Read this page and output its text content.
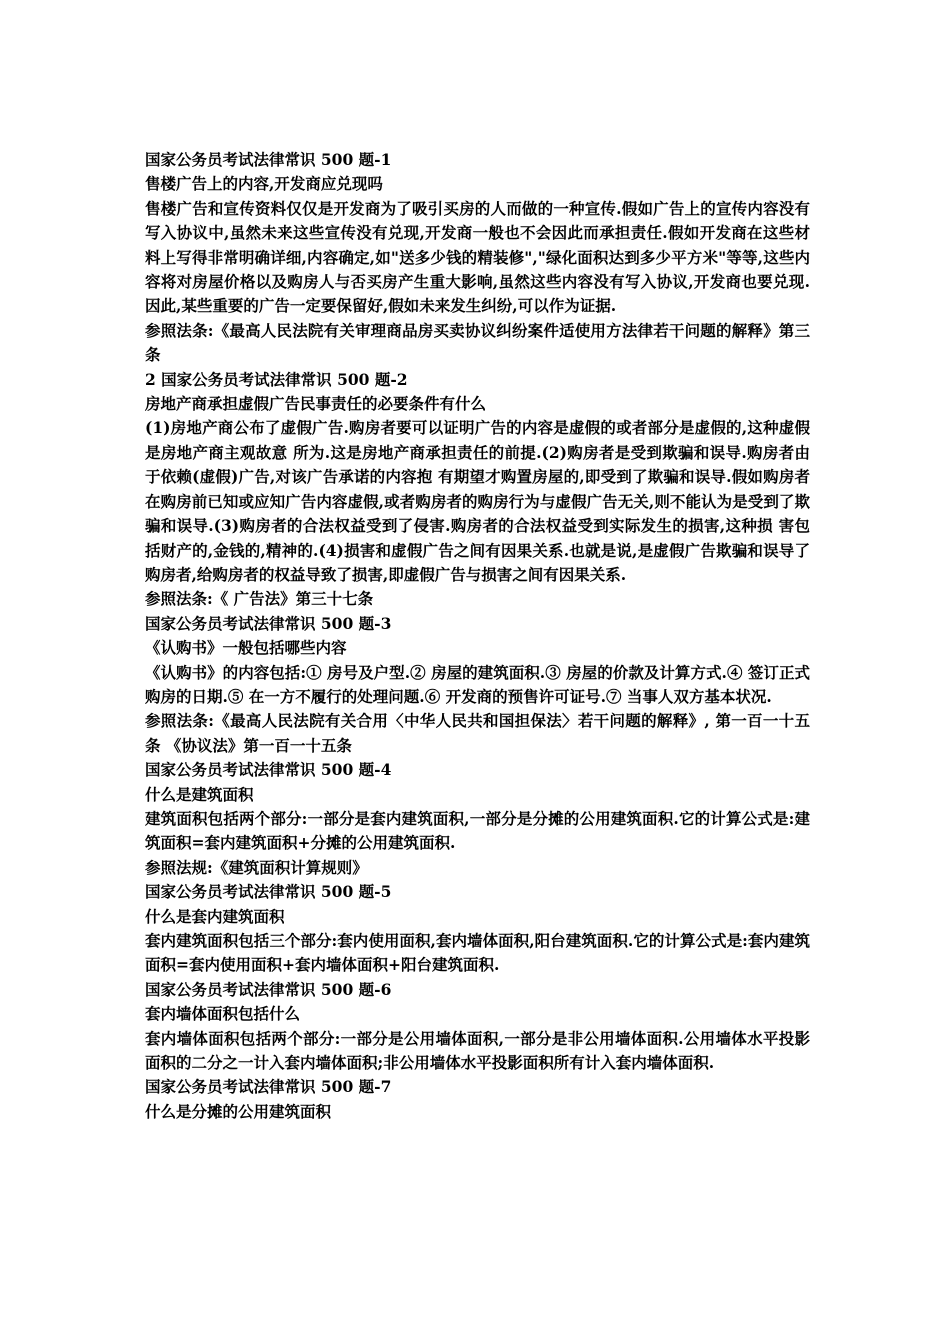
国家公务员考试法律常识 500 题-1

售楼广告上的内容,开发商应兑现吗

售楼广告和宣传资料仅仅是开发商为了吸引买房的人而做的一种宣传.假如广告上的宣传内容没有写入协议中,虽然未来这些宣传没有兑现,开发商一般也不会因此而承担责任.假如开发商在这些材料上写得非常明确详细,内容确定,如"送多少钱的精装修","绿化面积达到多少平方米"等等,这些内容将对房屋价格以及购房人与否买房产生重大影响,虽然这些内容没有写入协议,开发商也要兑现.因此,某些重要的广告一定要保留好,假如未来发生纠纷,可以作为证据.

参照法条:《最高人民法院有关审理商品房买卖协议纠纷案件适使用方法律若干问题的解释》第三条

2 国家公务员考试法律常识 500 题-2

房地产商承担虚假广告民事责任的必要条件有什么

(1)房地产商公布了虚假广告.购房者要可以证明广告的内容是虚假的或者部分是虚假的,这种虚假是房地产商主观故意 所为.这是房地产商承担责任的前提.(2)购房者是受到欺骗和误导.购房者由于依赖(虚假)广告,对该广告承诺的内容抱 有期望才购置房屋的,即受到了欺骗和误导.假如购房者在购房前已知或应知广告内容虚假,或者购房者的购房行为与虚假广告无关,则不能认为是受到了欺骗和误导.(3)购房者的合法权益受到了侵害.购房者的合法权益受到实际发生的损害,这种损 害包括财产的,金钱的,精神的.(4)损害和虚假广告之间有因果关系.也就是说,是虚假广告欺骗和误导了购房者,给购房者的权益导致了损害,即虚假广告与损害之间有因果关系.

参照法条:《 广告法》第三十七条

国家公务员考试法律常识 500 题-3

《认购书》一般包括哪些内容

《认购书》的内容包括:① 房号及户型.② 房屋的建筑面积.③ 房屋的价款及计算方式.④ 签订正式购房的日期.⑤ 在一方不履行的处理问题.⑥ 开发商的预售许可证号.⑦ 当事人双方基本状况.

参照法条:《最高人民法院有关合用〈中华人民共和国担保法〉若干问题的解释》, 第一百一十五条 《协议法》第一百一十五条

国家公务员考试法律常识 500 题-4

什么是建筑面积

建筑面积包括两个部分:一部分是套内建筑面积,一部分是分摊的公用建筑面积.它的计算公式是:建筑面积=套内建筑面积+分摊的公用建筑面积.

参照法规:《建筑面积计算规则》

国家公务员考试法律常识 500 题-5

什么是套内建筑面积

套内建筑面积包括三个部分:套内使用面积,套内墙体面积,阳台建筑面积.它的计算公式是:套内建筑面积=套内使用面积+套内墙体面积+阳台建筑面积.

国家公务员考试法律常识 500 题-6

套内墙体面积包括什么

套内墙体面积包括两个部分:一部分是公用墙体面积,一部分是非公用墙体面积.公用墙体水平投影面积的二分之一计入套内墙体面积;非公用墙体水平投影面积所有计入套内墙体面积.

国家公务员考试法律常识 500 题-7

什么是分摊的公用建筑面积
